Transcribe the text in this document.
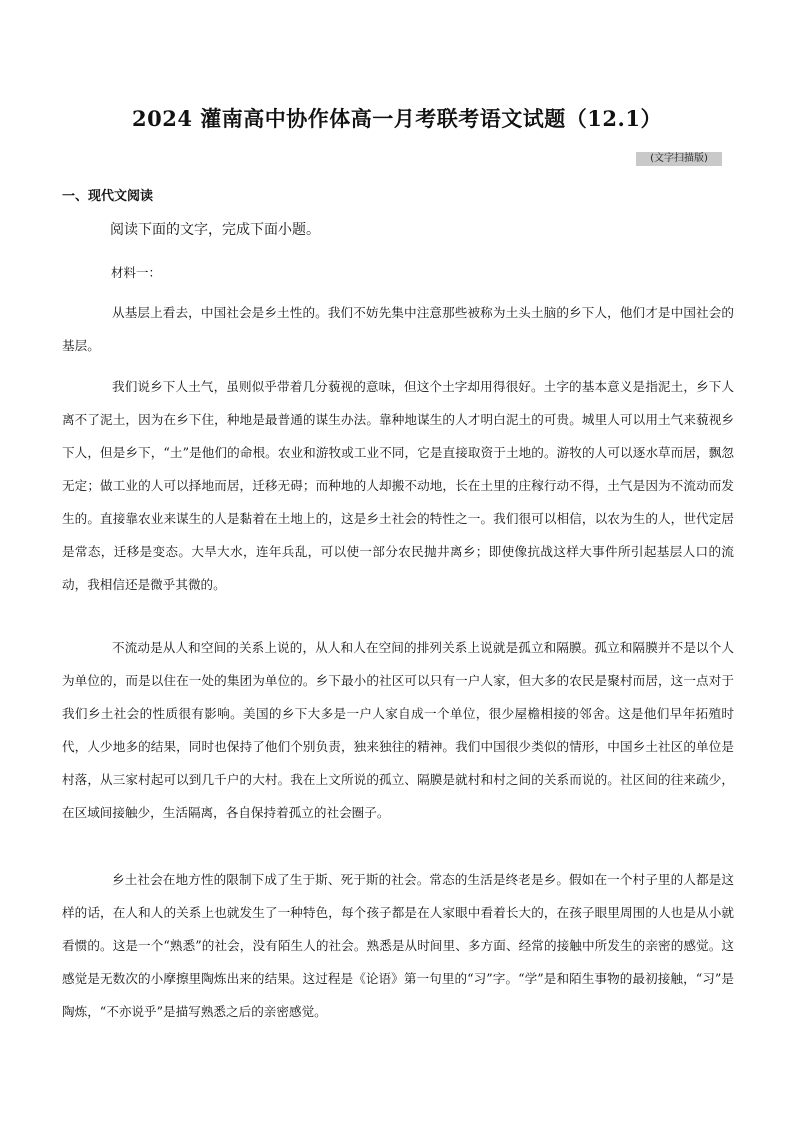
2024 灌南高中协作体高一月考联考语文试题（12.1）
(文字扫描版)
一、现代文阅读

阅读下面的文字，完成下面小题。

材料一：

从基层上看去，中国社会是乡土性的。我们不妨先集中注意那些被称为土头土脑的乡下人，他们才是中国社会的基层。

我们说乡下人土气，虽则似乎带着几分藐视的意味，但这个土字却用得很好。土字的基本意义是指泥土，乡下人离不了泥土，因为在乡下住，种地是最普通的谋生办法。靠种地谋生的人才明白泥土的可贵。城里人可以用土气来藐视乡下人，但是乡下，“土”是他们的命根。农业和游牧或工业不同，它是直接取资于土地的。游牧的人可以逐水草而居，飘忽无定；做工业的人可以择地而居，迁移无碍；而种地的人却搬不动地，长在土里的庄稼行动不得，土气是因为不流动而发生的。直接靠农业来谋生的人是黏着在土地上的，这是乡土社会的特性之一。我们很可以相信，以农为生的人，世代定居是常态，迁移是变态。大旱大水，连年兵乱，可以使一部分农民抛井离乡；即使像抗战这样大事件所引起基层人口的流动，我相信还是微乎其微的。

不流动是从人和空间的关系上说的，从人和人在空间的排列关系上说就是孤立和隔膜。孤立和隔膜并不是以个人为单位的，而是以住在一处的集团为单位的。乡下最小的社区可以只有一户人家，但大多的农民是聚村而居，这一点对于我们乡土社会的性质很有影响。美国的乡下大多是一户人家自成一个单位，很少屋檐相接的邻舍。这是他们早年拓殖时代，人少地多的结果，同时也保持了他们个别负责，独来独往的精神。我们中国很少类似的情形，中国乡土社区的单位是村落，从三家村起可以到几千户的大村。我在上文所说的孤立、隔膜是就村和村之间的关系而说的。社区间的往来疏少，在区域间接触少，生活隔离，各自保持着孤立的社会圈子。

乡土社会在地方性的限制下成了生于斯、死于斯的社会。常态的生活是终老是乡。假如在一个村子里的人都是这样的话，在人和人的关系上也就发生了一种特色，每个孩子都是在人家眼中看着长大的，在孩子眼里周围的人也是从小就看惯的。这是一个“熟悉”的社会，没有陌生人的社会。熟悉是从时间里、多方面、经常的接触中所发生的亲密的感觉。这感觉是无数次的小摩擦里陶炼出来的结果。这过程是《论语》第一句里的“习”字。“学”是和陌生事物的最初接触，“习”是陶炼，“不亦说乎”是描写熟悉之后的亲密感觉。
